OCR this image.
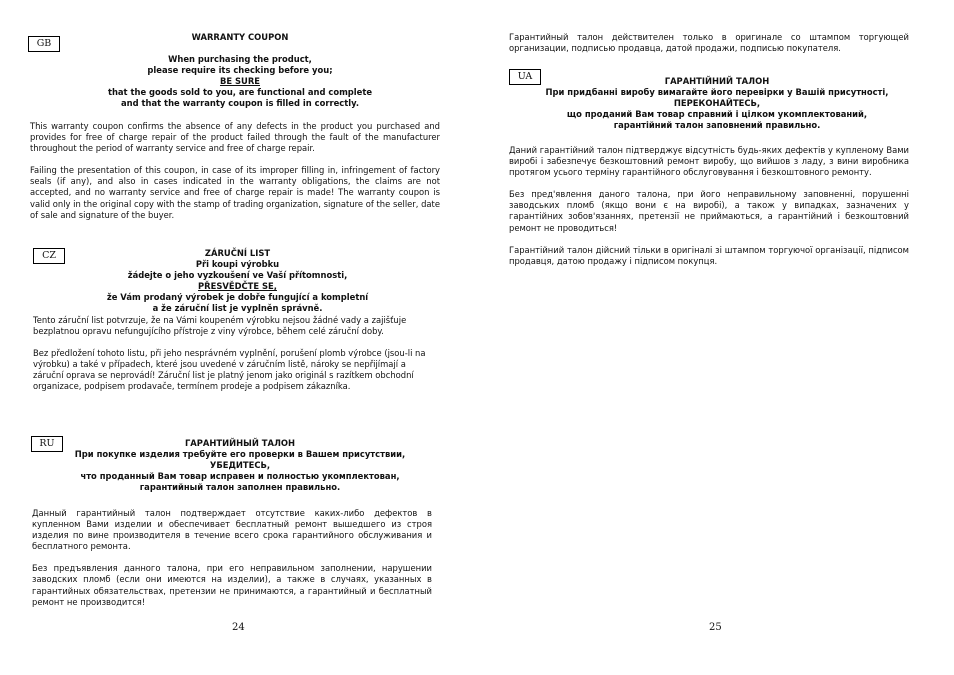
GB
WARRANTY COUPON
When purchasing the product,
please require its checking before you;
BE SURE
that the goods sold to you, are functional and complete
and that the warranty coupon is filled in correctly.

This warranty coupon confirms the absence of any defects in the product you purchased and provides for free of charge repair of the product failed through the fault of the manufacturer throughout the period of warranty service and free of charge repair.

Failing the presentation of this coupon, in case of its improper filling in, infringement of factory seals (if any), and also in cases indicated in the warranty obligations, the claims are not accepted, and no warranty service and free of charge repair is made! The warranty coupon is valid only in the original copy with the stamp of trading organization, signature of the seller, date of sale and signature of the buyer.

CZ	ZÁRUČNÍ LIST
Při koupi výrobku
žádejte o jeho vyzkoušení ve Vaší přítomnosti,
PŘESVĚDČTE SE,
že Vám prodaný výrobek je dobře fungující a kompletní
a že záruční list je vyplněn správně.

Tento záruční list potvrzuje, že na Vámi koupeném výrobku nejsou žádné vady a zajišťuje bezplatnou opravu nefungujícího přístroje z viny výrobce, během celé záruční doby.

Bez předložení tohoto listu, při jeho nesprávném vyplnění, porušení plomb výrobce (jsou-li na výrobku) a také v případech, které jsou uvedené v záručním listě, nároky se nepřijímají a záruční oprava se neprovádí! Záruční list je platný jenom jako originál s razítkem obchodní organizace, podpisem prodavače, termínem prodeje a podpisem zákazníka.

RU	ГАРАНТИЙНЫЙ ТАЛОН
При покупке изделия требуйте его проверки в Вашем присутствии,
УБЕДИТЕСЬ,
что проданный Вам товар исправен и полностью укомплектован,
гарантийный талон заполнен правильно.

Данный гарантийный талон подтверждает отсутствие каких-либо дефектов в купленном Вами изделии и обеспечивает бесплатный ремонт вышедшего из строя изделия по вине производителя в течение всего срока гарантийного обслуживания и бесплатного ремонта.

Без предъявления данного талона, при его неправильном заполнении, нарушении заводских пломб (если они имеются на изделии), а также в случаях, указанных в гарантийных обязательствах, претензии не принимаются, а гарантийный и бесплатный ремонт не производится!

24
Гарантийный талон действителен только в оригинале со штампом торгующей организации, подписью продавца, датой продажи, подписью покупателя.
UA	ГАРАНТІЙНИЙ ТАЛОН
При придбанні виробу вимагайте його перевірки у Вашій присутності,
ПЕРЕКОНАЙТЕСЬ,
що проданий Вам товар справний і цілком укомплектований,
гарантійний талон заповнений правильно.

Даний гарантійний талон підтверджує відсутність будь-яких дефектів у купленому Вами виробі і забезпечує безкоштовний ремонт виробу, що вийшов з ладу, з вини виробника протягом усього терміну гарантійного обслуговування і безкоштовного ремонту.

Без пред'явлення даного талона, при його неправильному заповненні, порушенні заводських пломб (якщо вони є на виробі), а також у випадках, зазначених у гарантійних зобов'язаннях, претензії не приймаються, а гарантійний і безкоштовний ремонт не проводиться!

Гарантійний талон дійсний тільки в оригіналі зі штампом торгуючої організації, підписом продавця, датою продажу і підписом покупця.

25
